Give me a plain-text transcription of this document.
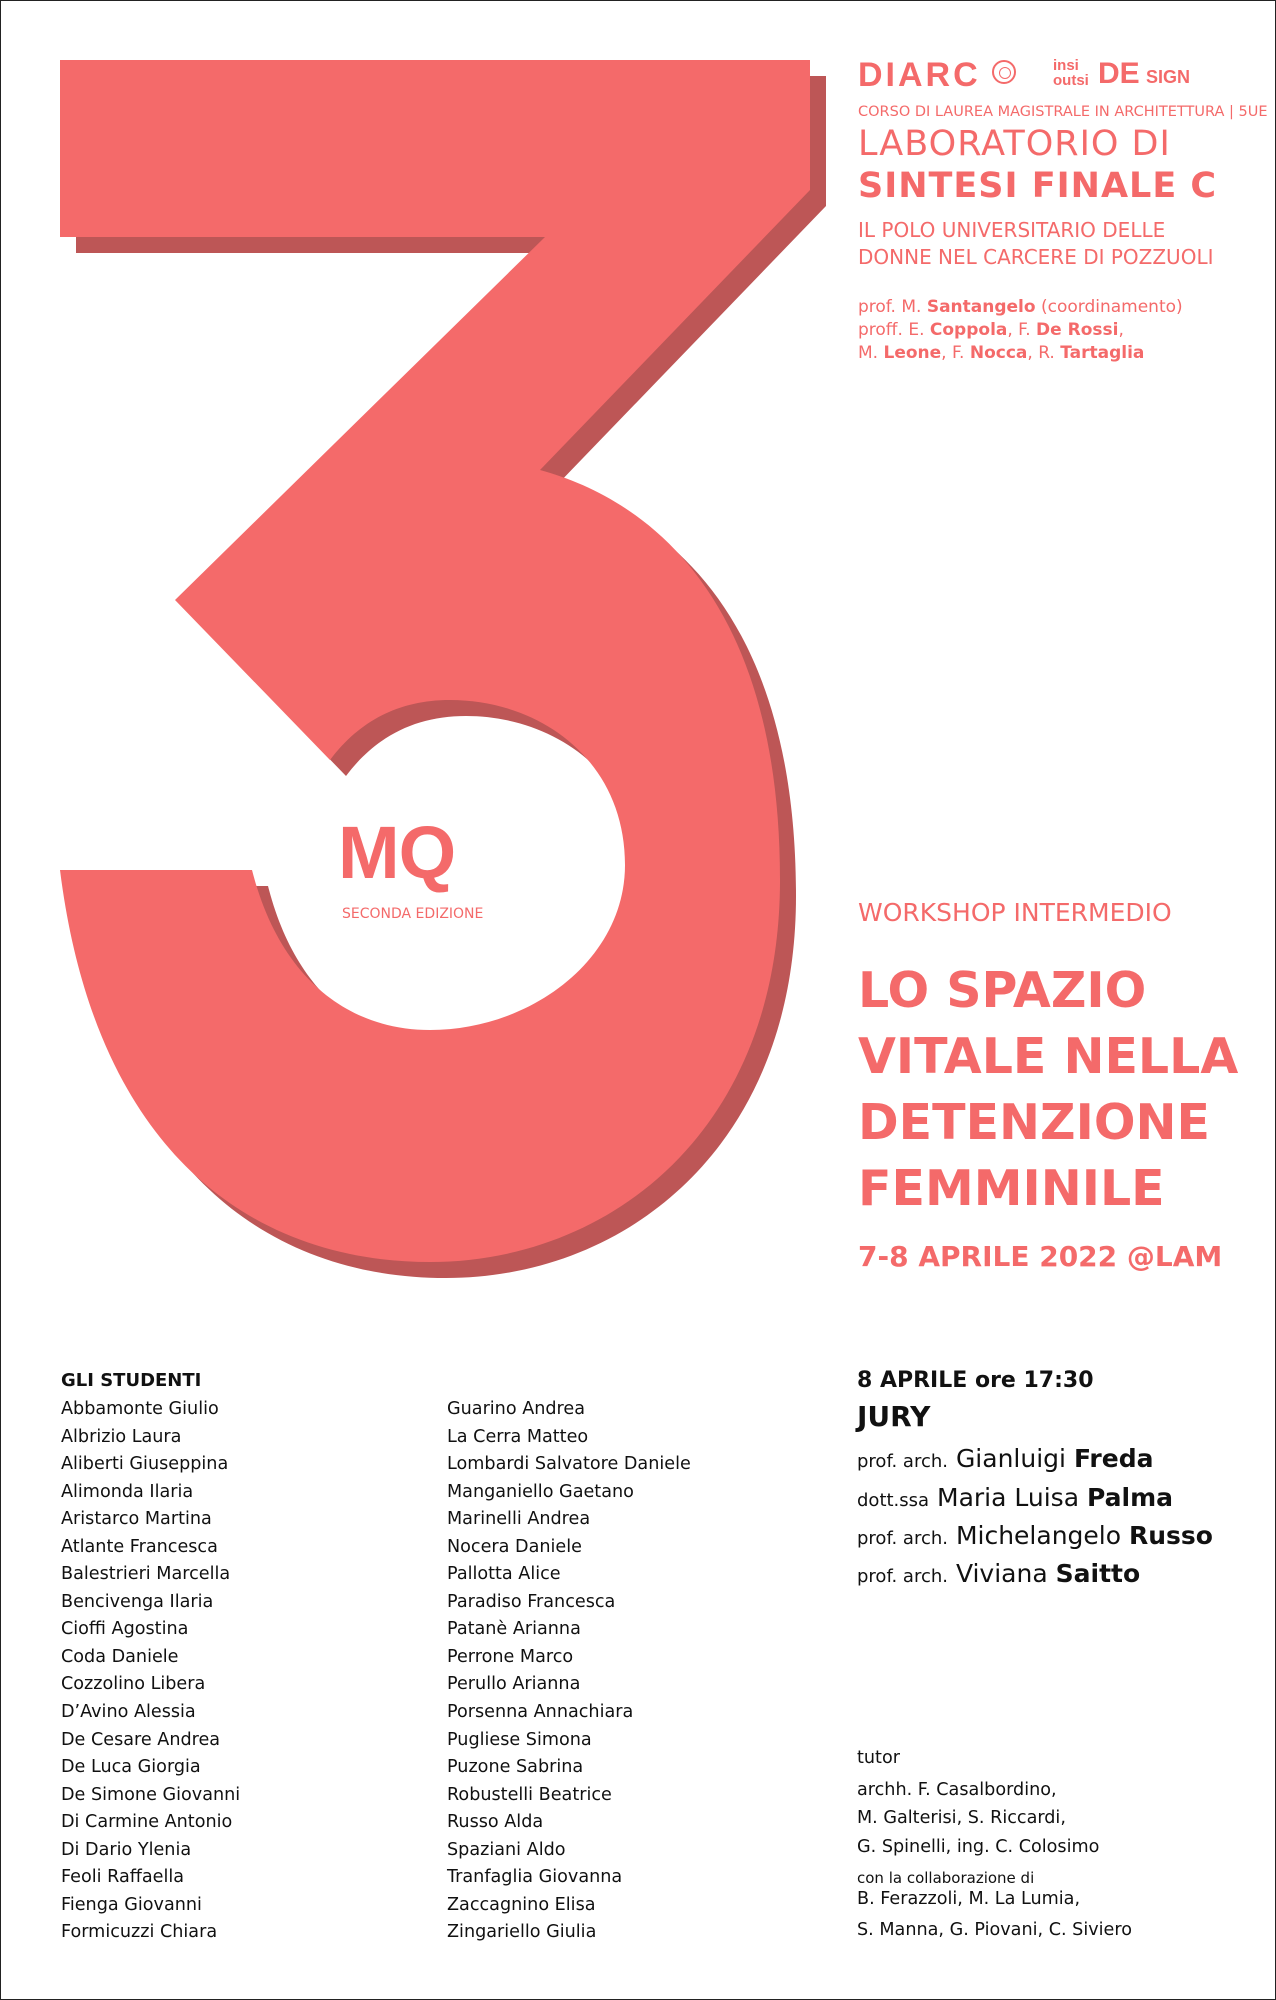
MQ
SECONDA EDIZIONE
DIARC	insi
outsi DE SIGN
CORSO DI LAUREA MAGISTRALE IN ARCHITETTURA | 5UE
LABORATORIO DI
SINTESI FINALE C
IL POLO UNIVERSITARIO DELLE
DONNE NEL CARCERE DI POZZUOLI
prof. M. Santangelo (coordinamento)
proff. E. Coppola, F. De Rossi,
M. Leone, F. Nocca, R. Tartaglia
WORKSHOP INTERMEDIO
LO SPAZIO
VITALE NELLA
DETENZIONE
FEMMINILE
7-8 APRILE 2022 @LAM
GLI STUDENTI
Abbamonte Giulio
Albrizio Laura
Aliberti Giuseppina
Alimonda Ilaria
Aristarco Martina
Atlante Francesca
Balestrieri Marcella
Bencivenga Ilaria
Cioffi Agostina
Coda Daniele
Cozzolino Libera
D’Avino Alessia
De Cesare Andrea
De Luca Giorgia
De Simone Giovanni
Di Carmine Antonio
Di Dario Ylenia
Feoli Raffaella
Fienga Giovanni
Formicuzzi Chiara
Guarino Andrea
La Cerra Matteo
Lombardi Salvatore Daniele
Manganiello Gaetano
Marinelli Andrea
Nocera Daniele
Pallotta Alice
Paradiso Francesca
Patanè Arianna
Perrone Marco
Perullo Arianna
Porsenna Annachiara
Pugliese Simona
Puzone Sabrina
Robustelli Beatrice
Russo Alda
Spaziani Aldo
Tranfaglia Giovanna
Zaccagnino Elisa
Zingariello Giulia
8 APRILE ore 17:30
JURY
prof. arch. Gianluigi Freda
dott.ssa Maria Luisa Palma
prof. arch. Michelangelo Russo
prof. arch. Viviana Saitto
tutor
archh. F. Casalbordino,
M. Galterisi, S. Riccardi,
G. Spinelli, ing. C. Colosimo
con la collaborazione di
B. Ferazzoli, M. La Lumia,
S. Manna, G. Piovani, C. Siviero
